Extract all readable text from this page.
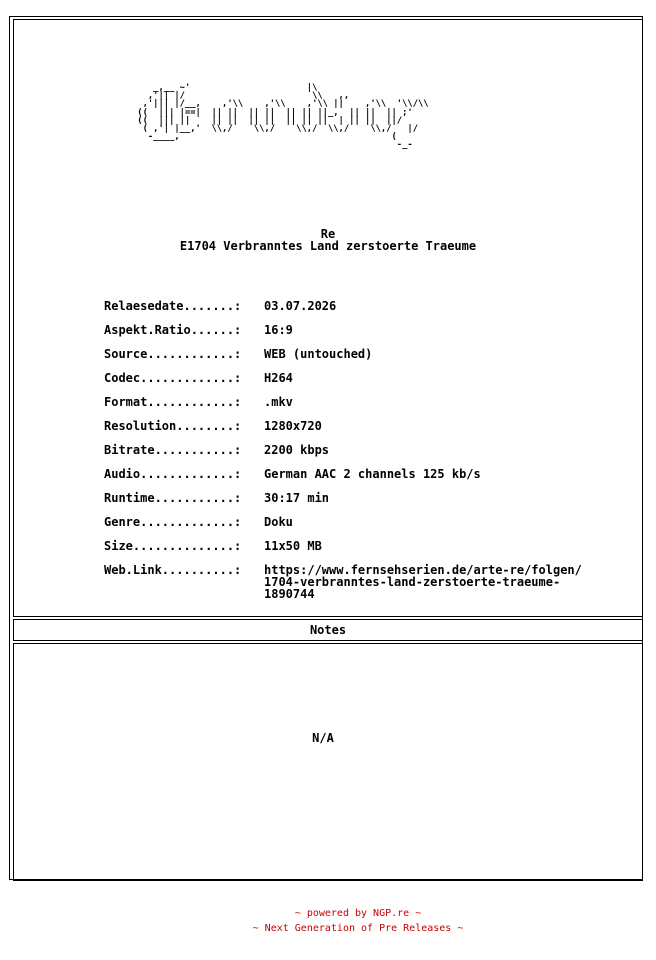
_,__ ~'                      |\
,'|| |/                        \\   ,,
,'||| |/__,    ,'\\    ,'\\    ,'\\ ||    ,'\\  '\\/\\
((  ||| |==|  || ||  || ||  || || ||_,  || ||  || ;'
((  ||| ||    || ||  || ||  || || ||  | || ||  ||/
( ,'| |__,'  \\,/    \\,/    \\,/  \\,/    \\,/   |/
-____,                                        (
-_-
Re
E1704 Verbranntes Land zerstoerte Traeume
Relaesedate.......:	03.07.2026
Aspekt.Ratio......:	16:9
Source............:	WEB (untouched)
Codec.............:	H264
Format............:	.mkv
Resolution........:	1280x720
Bitrate...........:	2200 kbps
Audio.............:	German AAC 2 channels 125 kb/s
Runtime...........:	30:17 min
Genre.............:	Doku
Size..............:	11x50 MB
Web.Link..........:	https://www.fernsehserien.de/arte-re/folgen/
1704-verbranntes-land-zerstoerte-traeume-
1890744
Notes
N/A
~ powered by NGP.re ~
~ Next Generation of Pre Releases ~
